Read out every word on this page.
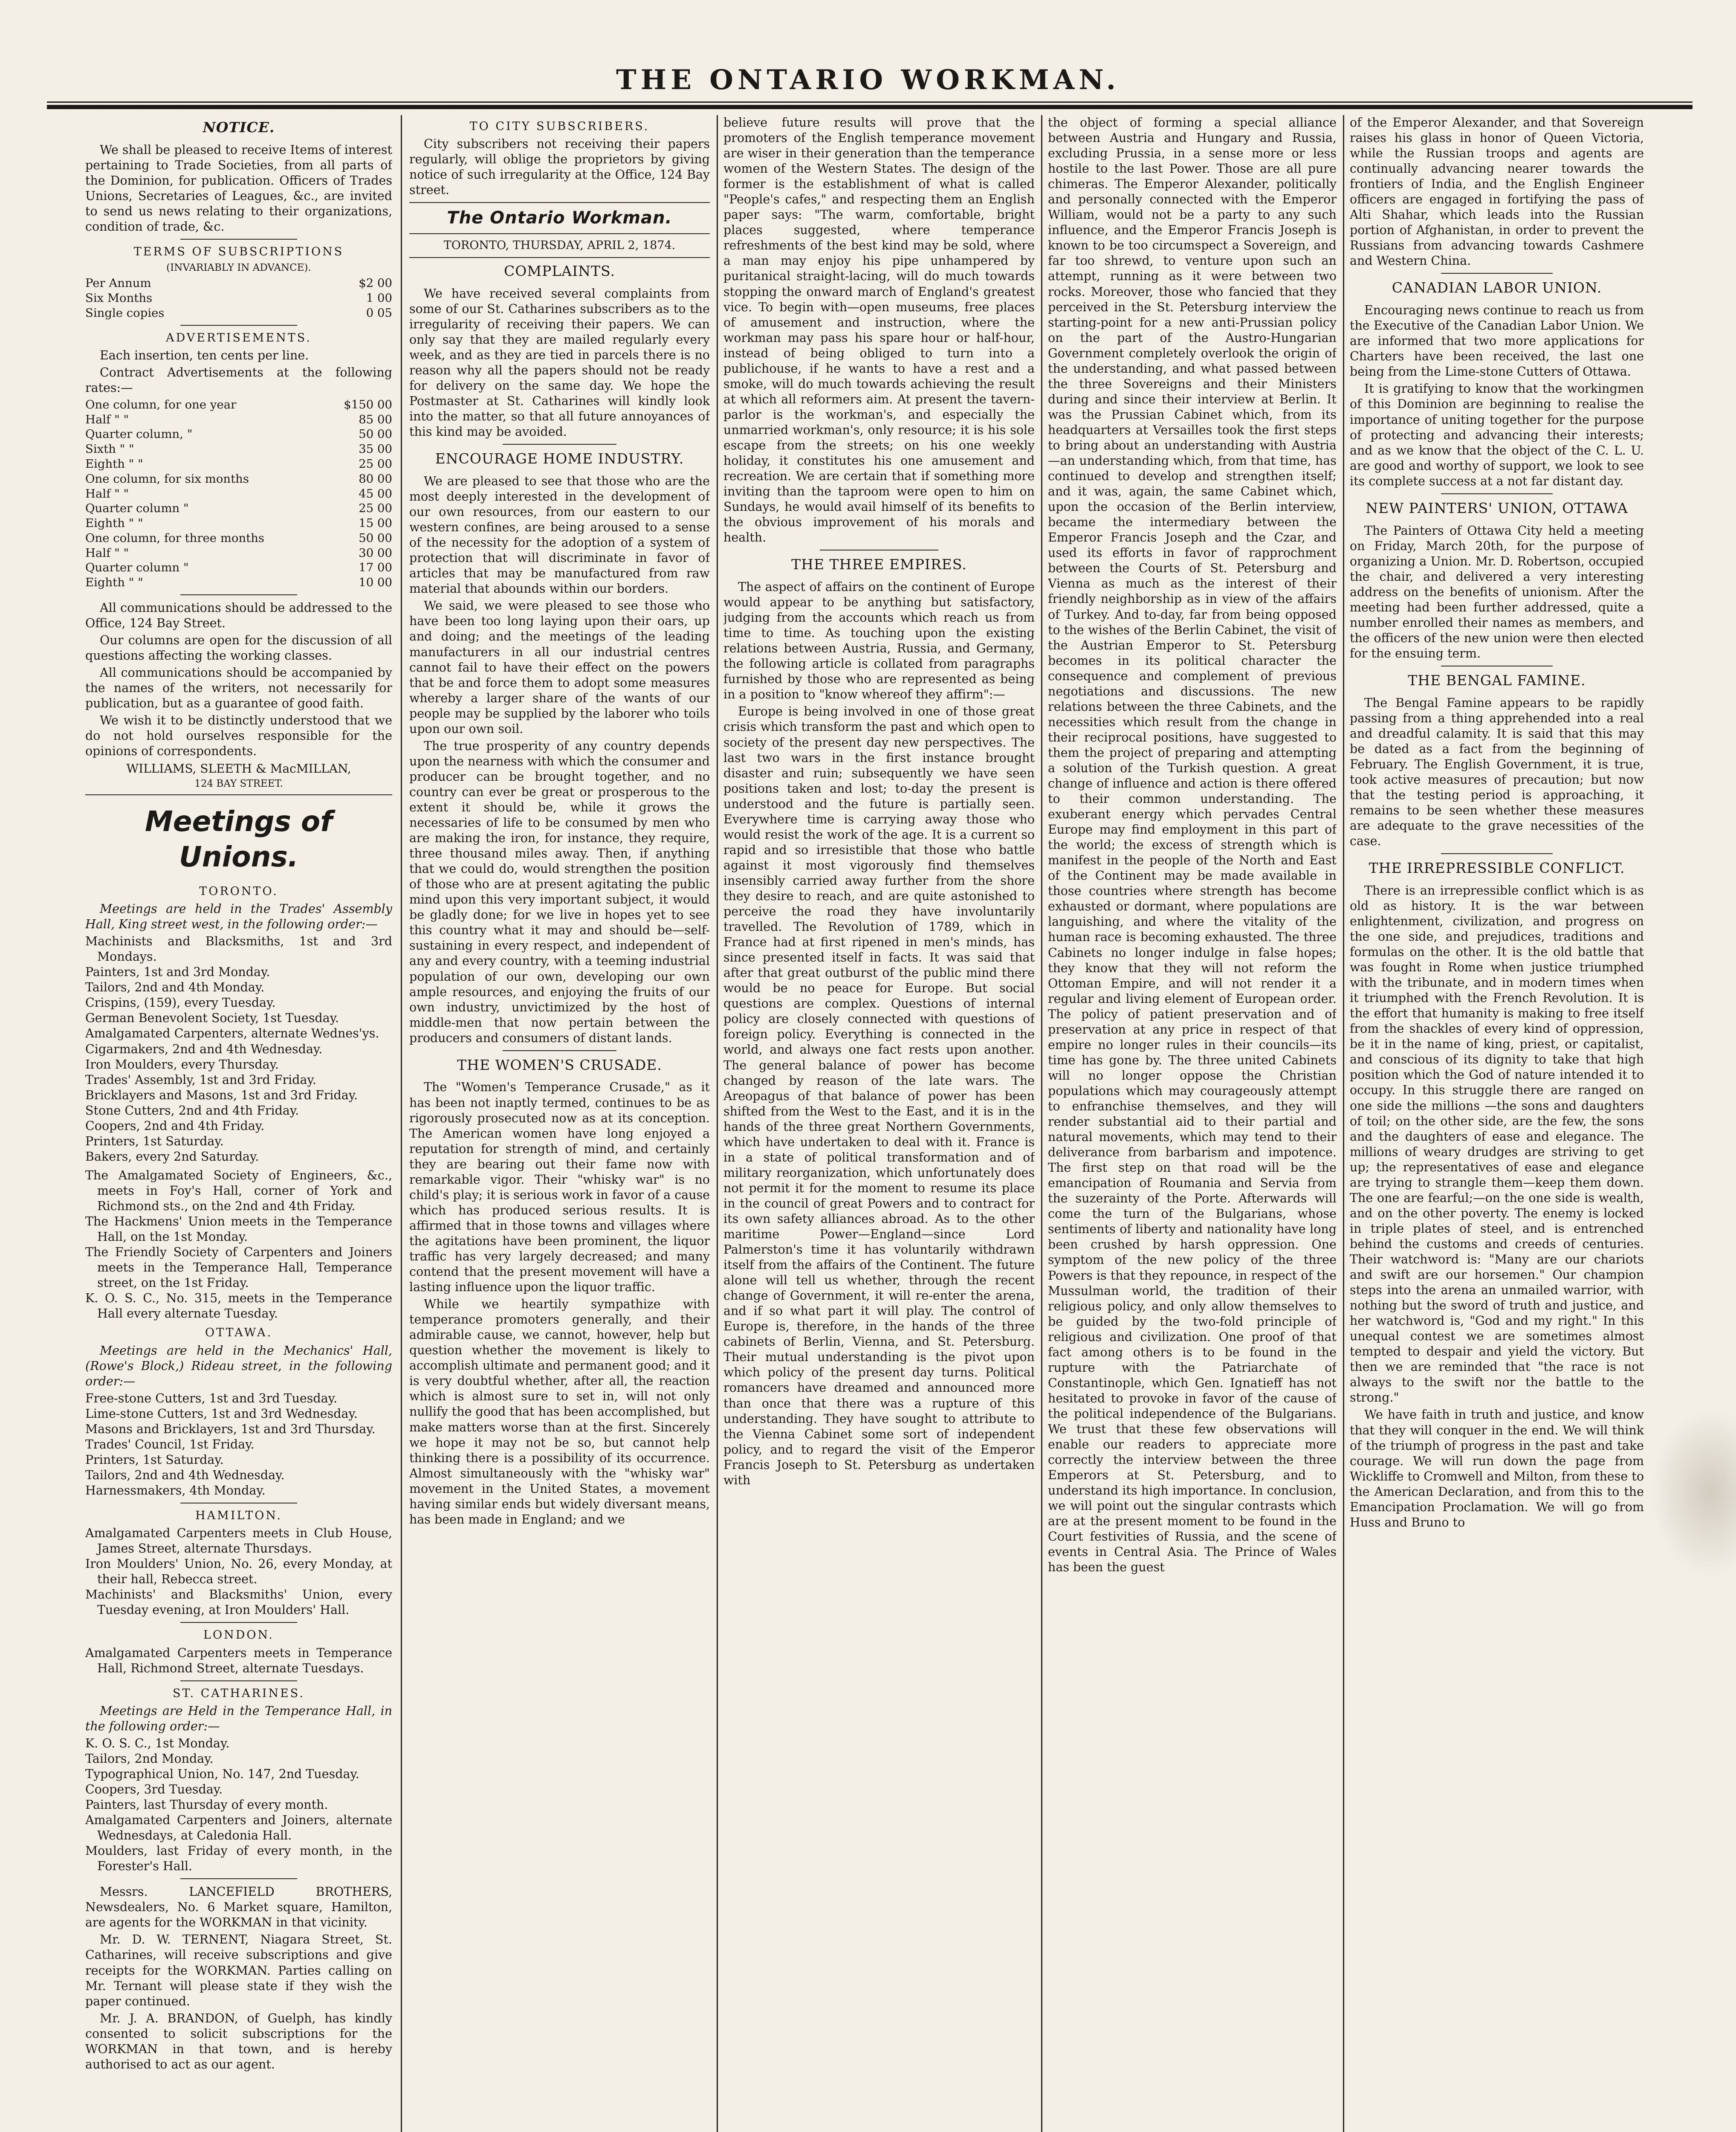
THE ONTARIO WORKMAN.
NOTICE.

We shall be pleased to receive Items of interest pertaining to Trade Societies, from all parts of the Dominion, for publication. Officers of Trades Unions, Secretaries of Leagues, &c., are invited to send us news relating to their organizations, condition of trade, &c.

TERMS OF SUBSCRIPTIONS
(INVARIABLY IN ADVANCE).
Per Annum	$2 00
Six Months	1 00
Single copies	0 05
ADVERTISEMENTS.

Each insertion, ten cents per line.

Contract Advertisements at the following rates:—

One column, for one year	$150 00
Half " "	85 00
Quarter column, "	50 00
Sixth " "	35 00
Eighth " "	25 00
One column, for six months	80 00
Half " "	45 00
Quarter column "	25 00
Eighth " "	15 00
One column, for three months	50 00
Half " "	30 00
Quarter column "	17 00
Eighth " "	10 00

All communications should be addressed to the Office, 124 Bay Street.

Our columns are open for the discussion of all questions affecting the working classes.

All communications should be accompanied by the names of the writers, not necessarily for publication, but as a guarantee of good faith.

We wish it to be distinctly understood that we do not hold ourselves responsible for the opinions of correspondents.

WILLIAMS, SLEETH & MacMILLAN,
124 BAY STREET.
Meetings of Unions.
TORONTO.

Meetings are held in the Trades' Assembly Hall, King street west, in the following order:—

Machinists and Blacksmiths, 1st and 3rd Mondays.
Painters, 1st and 3rd Monday.
Tailors, 2nd and 4th Monday.
Crispins, (159), every Tuesday.
German Benevolent Society, 1st Tuesday.
Amalgamated Carpenters, alternate Wednes'ys.
Cigarmakers, 2nd and 4th Wednesday.
Iron Moulders, every Thursday.
Trades' Assembly, 1st and 3rd Friday.
Bricklayers and Masons, 1st and 3rd Friday.
Stone Cutters, 2nd and 4th Friday.
Coopers, 2nd and 4th Friday.
Printers, 1st Saturday.
Bakers, every 2nd Saturday.
The Amalgamated Society of Engineers, &c., meets in Foy's Hall, corner of York and Richmond sts., on the 2nd and 4th Friday.
The Hackmens' Union meets in the Temperance Hall, on the 1st Monday.
The Friendly Society of Carpenters and Joiners meets in the Temperance Hall, Temperance street, on the 1st Friday.
K. O. S. C., No. 315, meets in the Temperance Hall every alternate Tuesday.
OTTAWA.

Meetings are held in the Mechanics' Hall, (Rowe's Block,) Rideau street, in the following order:—

Free-stone Cutters, 1st and 3rd Tuesday.
Lime-stone Cutters, 1st and 3rd Wednesday.
Masons and Bricklayers, 1st and 3rd Thursday.
Trades' Council, 1st Friday.
Printers, 1st Saturday.
Tailors, 2nd and 4th Wednesday.
Harnessmakers, 4th Monday.
HAMILTON.
Amalgamated Carpenters meets in Club House, James Street, alternate Thursdays.
Iron Moulders' Union, No. 26, every Monday, at their hall, Rebecca street.
Machinists' and Blacksmiths' Union, every Tuesday evening, at Iron Moulders' Hall.
LONDON.
Amalgamated Carpenters meets in Temperance Hall, Richmond Street, alternate Tuesdays.
ST. CATHARINES.

Meetings are Held in the Temperance Hall, in the following order:—

K. O. S. C., 1st Monday.
Tailors, 2nd Monday.
Typographical Union, No. 147, 2nd Tuesday.
Coopers, 3rd Tuesday.
Painters, last Thursday of every month.
Amalgamated Carpenters and Joiners, alternate Wednesdays, at Caledonia Hall.
Moulders, last Friday of every month, in the Forester's Hall.

Messrs. LANCEFIELD BROTHERS, Newsdealers, No. 6 Market square, Hamilton, are agents for the WORKMAN in that vicinity.

Mr. D. W. TERNENT, Niagara Street, St. Catharines, will receive subscriptions and give receipts for the WORKMAN. Parties calling on Mr. Ternant will please state if they wish the paper continued.

Mr. J. A. BRANDON, of Guelph, has kindly consented to solicit subscriptions for the WORKMAN in that town, and is hereby authorised to act as our agent.

TO CITY SUBSCRIBERS.

City subscribers not receiving their papers regularly, will oblige the proprietors by giving notice of such irregularity at the Office, 124 Bay street.

The Ontario Workman.
TORONTO, THURSDAY, APRIL 2, 1874.
COMPLAINTS.

We have received several complaints from some of our St. Catharines subscribers as to the irregularity of receiving their papers. We can only say that they are mailed regularly every week, and as they are tied in parcels there is no reason why all the papers should not be ready for delivery on the same day. We hope the Postmaster at St. Catharines will kindly look into the matter, so that all future annoyances of this kind may be avoided.

ENCOURAGE HOME INDUSTRY.

We are pleased to see that those who are the most deeply interested in the development of our own resources, from our eastern to our western confines, are being aroused to a sense of the necessity for the adoption of a system of protection that will discriminate in favor of articles that may be manufactured from raw material that abounds within our borders.

We said, we were pleased to see those who have been too long laying upon their oars, up and doing; and the meetings of the leading manufacturers in all our industrial centres cannot fail to have their effect on the powers that be and force them to adopt some measures whereby a larger share of the wants of our people may be supplied by the laborer who toils upon our own soil.

The true prosperity of any country depends upon the nearness with which the consumer and producer can be brought together, and no country can ever be great or prosperous to the extent it should be, while it grows the necessaries of life to be consumed by men who are making the iron, for instance, they require, three thousand miles away. Then, if anything that we could do, would strengthen the position of those who are at present agitating the public mind upon this very important subject, it would be gladly done; for we live in hopes yet to see this country what it may and should be—self-sustaining in every respect, and independent of any and every country, with a teeming industrial population of our own, developing our own ample resources, and enjoying the fruits of our own industry, unvictimized by the host of middle-men that now pertain between the producers and consumers of distant lands.

THE WOMEN'S CRUSADE.

The "Women's Temperance Crusade," as it has been not inaptly termed, continues to be as rigorously prosecuted now as at its conception. The American women have long enjoyed a reputation for strength of mind, and certainly they are bearing out their fame now with remarkable vigor. Their "whisky war" is no child's play; it is serious work in favor of a cause which has produced serious results. It is affirmed that in those towns and villages where the agitations have been prominent, the liquor traffic has very largely decreased; and many contend that the present movement will have a lasting influence upon the liquor traffic.

While we heartily sympathize with temperance promoters generally, and their admirable cause, we cannot, however, help but question whether the movement is likely to accomplish ultimate and permanent good; and it is very doubtful whether, after all, the reaction which is almost sure to set in, will not only nullify the good that has been accomplished, but make matters worse than at the first. Sincerely we hope it may not be so, but cannot help thinking there is a possibility of its occurrence. Almost simultaneously with the "whisky war" movement in the United States, a movement having similar ends but widely diversant means, has been made in England; and we

believe future results will prove that the promoters of the English temperance movement are wiser in their generation than the temperance women of the Western States. The design of the former is the establishment of what is called "People's cafes," and respecting them an English paper says: "The warm, comfortable, bright places suggested, where temperance refreshments of the best kind may be sold, where a man may enjoy his pipe unhampered by puritanical straight-lacing, will do much towards stopping the onward march of England's greatest vice. To begin with—open museums, free places of amusement and instruction, where the workman may pass his spare hour or half-hour, instead of being obliged to turn into a publichouse, if he wants to have a rest and a smoke, will do much towards achieving the result at which all reformers aim. At present the tavern-parlor is the workman's, and especially the unmarried workman's, only resource; it is his sole escape from the streets; on his one weekly holiday, it constitutes his one amusement and recreation. We are certain that if something more inviting than the taproom were open to him on Sundays, he would avail himself of its benefits to the obvious improvement of his morals and health.

THE THREE EMPIRES.

The aspect of affairs on the continent of Europe would appear to be anything but satisfactory, judging from the accounts which reach us from time to time. As touching upon the existing relations between Austria, Russia, and Germany, the following article is collated from paragraphs furnished by those who are represented as being in a position to "know whereof they affirm":—

Europe is being involved in one of those great crisis which transform the past and which open to society of the present day new perspectives. The last two wars in the first instance brought disaster and ruin; subsequently we have seen positions taken and lost; to-day the present is understood and the future is partially seen. Everywhere time is carrying away those who would resist the work of the age. It is a current so rapid and so irresistible that those who battle against it most vigorously find themselves insensibly carried away further from the shore they desire to reach, and are quite astonished to perceive the road they have involuntarily travelled. The Revolution of 1789, which in France had at first ripened in men's minds, has since presented itself in facts. It was said that after that great outburst of the public mind there would be no peace for Europe. But social questions are complex. Questions of internal policy are closely connected with questions of foreign policy. Everything is connected in the world, and always one fact rests upon another. The general balance of power has become changed by reason of the late wars. The Areopagus of that balance of power has been shifted from the West to the East, and it is in the hands of the three great Northern Governments, which have undertaken to deal with it. France is in a state of political transformation and of military reorganization, which unfortunately does not permit it for the moment to resume its place in the council of great Powers and to contract for its own safety alliances abroad. As to the other maritime Power—England—since Lord Palmerston's time it has voluntarily withdrawn itself from the affairs of the Continent. The future alone will tell us whether, through the recent change of Government, it will re-enter the arena, and if so what part it will play. The control of Europe is, therefore, in the hands of the three cabinets of Berlin, Vienna, and St. Petersburg. Their mutual understanding is the pivot upon which policy of the present day turns. Political romancers have dreamed and announced more than once that there was a rupture of this understanding. They have sought to attribute to the Vienna Cabinet some sort of independent policy, and to regard the visit of the Emperor Francis Joseph to St. Petersburg as undertaken with

the object of forming a special alliance between Austria and Hungary and Russia, excluding Prussia, in a sense more or less hostile to the last Power. Those are all pure chimeras. The Emperor Alexander, politically and personally connected with the Emperor William, would not be a party to any such influence, and the Emperor Francis Joseph is known to be too circumspect a Sovereign, and far too shrewd, to venture upon such an attempt, running as it were between two rocks. Moreover, those who fancied that they perceived in the St. Petersburg interview the starting-point for a new anti-Prussian policy on the part of the Austro-Hungarian Government completely overlook the origin of the understanding, and what passed between the three Sovereigns and their Ministers during and since their interview at Berlin. It was the Prussian Cabinet which, from its headquarters at Versailles took the first steps to bring about an understanding with Austria—an understanding which, from that time, has continued to develop and strengthen itself; and it was, again, the same Cabinet which, upon the occasion of the Berlin interview, became the intermediary between the Emperor Francis Joseph and the Czar, and used its efforts in favor of rapprochment between the Courts of St. Petersburg and Vienna as much as the interest of their friendly neighborship as in view of the affairs of Turkey. And to-day, far from being opposed to the wishes of the Berlin Cabinet, the visit of the Austrian Emperor to St. Petersburg becomes in its political character the consequence and complement of previous negotiations and discussions. The new relations between the three Cabinets, and the necessities which result from the change in their reciprocal positions, have suggested to them the project of preparing and attempting a solution of the Turkish question. A great change of influence and action is there offered to their common understanding. The exuberant energy which pervades Central Europe may find employment in this part of the world; the excess of strength which is manifest in the people of the North and East of the Continent may be made available in those countries where strength has become exhausted or dormant, where populations are languishing, and where the vitality of the human race is becoming exhausted. The three Cabinets no longer indulge in false hopes; they know that they will not reform the Ottoman Empire, and will not render it a regular and living element of European order. The policy of patient preservation and of preservation at any price in respect of that empire no longer rules in their councils—its time has gone by. The three united Cabinets will no longer oppose the Christian populations which may courageously attempt to enfranchise themselves, and they will render substantial aid to their partial and natural movements, which may tend to their deliverance from barbarism and impotence. The first step on that road will be the emancipation of Roumania and Servia from the suzerainty of the Porte. Afterwards will come the turn of the Bulgarians, whose sentiments of liberty and nationality have long been crushed by harsh oppression. One symptom of the new policy of the three Powers is that they repounce, in respect of the Mussulman world, the tradition of their religious policy, and only allow themselves to be guided by the two-fold principle of religious and civilization. One proof of that fact among others is to be found in the rupture with the Patriarchate of Constantinople, which Gen. Ignatieff has not hesitated to provoke in favor of the cause of the political independence of the Bulgarians. We trust that these few observations will enable our readers to appreciate more correctly the interview between the three Emperors at St. Petersburg, and to understand its high importance. In conclusion, we will point out the singular contrasts which are at the present moment to be found in the Court festivities of Russia, and the scene of events in Central Asia. The Prince of Wales has been the guest

of the Emperor Alexander, and that Sovereign raises his glass in honor of Queen Victoria, while the Russian troops and agents are continually advancing nearer towards the frontiers of India, and the English Engineer officers are engaged in fortifying the pass of Alti Shahar, which leads into the Russian portion of Afghanistan, in order to prevent the Russians from advancing towards Cashmere and Western China.

CANADIAN LABOR UNION.

Encouraging news continue to reach us from the Executive of the Canadian Labor Union. We are informed that two more applications for Charters have been received, the last one being from the Lime-stone Cutters of Ottawa.

It is gratifying to know that the workingmen of this Dominion are beginning to realise the importance of uniting together for the purpose of protecting and advancing their interests; and as we know that the object of the C. L. U. are good and worthy of support, we look to see its complete success at a not far distant day.

NEW PAINTERS' UNION, OTTAWA

The Painters of Ottawa City held a meeting on Friday, March 20th, for the purpose of organizing a Union. Mr. D. Robertson, occupied the chair, and delivered a very interesting address on the benefits of unionism. After the meeting had been further addressed, quite a number enrolled their names as members, and the officers of the new union were then elected for the ensuing term.

THE BENGAL FAMINE.

The Bengal Famine appears to be rapidly passing from a thing apprehended into a real and dreadful calamity. It is said that this may be dated as a fact from the beginning of February. The English Government, it is true, took active measures of precaution; but now that the testing period is approaching, it remains to be seen whether these measures are adequate to the grave necessities of the case.

THE IRREPRESSIBLE CONFLICT.

There is an irrepressible conflict which is as old as history. It is the war between enlightenment, civilization, and progress on the one side, and prejudices, traditions and formulas on the other. It is the old battle that was fought in Rome when justice triumphed with the tribunate, and in modern times when it triumphed with the French Revolution. It is the effort that humanity is making to free itself from the shackles of every kind of oppression, be it in the name of king, priest, or capitalist, and conscious of its dignity to take that high position which the God of nature intended it to occupy. In this struggle there are ranged on one side the millions —the sons and daughters of toil; on the other side, are the few, the sons and the daughters of ease and elegance. The millions of weary drudges are striving to get up; the representatives of ease and elegance are trying to strangle them—keep them down. The one are fearful;—on the one side is wealth, and on the other poverty. The enemy is locked in triple plates of steel, and is entrenched behind the customs and creeds of centuries. Their watchword is: "Many are our chariots and swift are our horsemen." Our champion steps into the arena an unmailed warrior, with nothing but the sword of truth and justice, and her watchword is, "God and my right." In this unequal contest we are sometimes almost tempted to despair and yield the victory. But then we are reminded that "the race is not always to the swift nor the battle to the strong."

We have faith in truth and justice, and know that they will conquer in the end. We will think of the triumph of progress in the past and take courage. We will run down the page from Wickliffe to Cromwell and Milton, from these to the American Declaration, and from this to the Emancipation Proclamation. We will go from Huss and Bruno to
